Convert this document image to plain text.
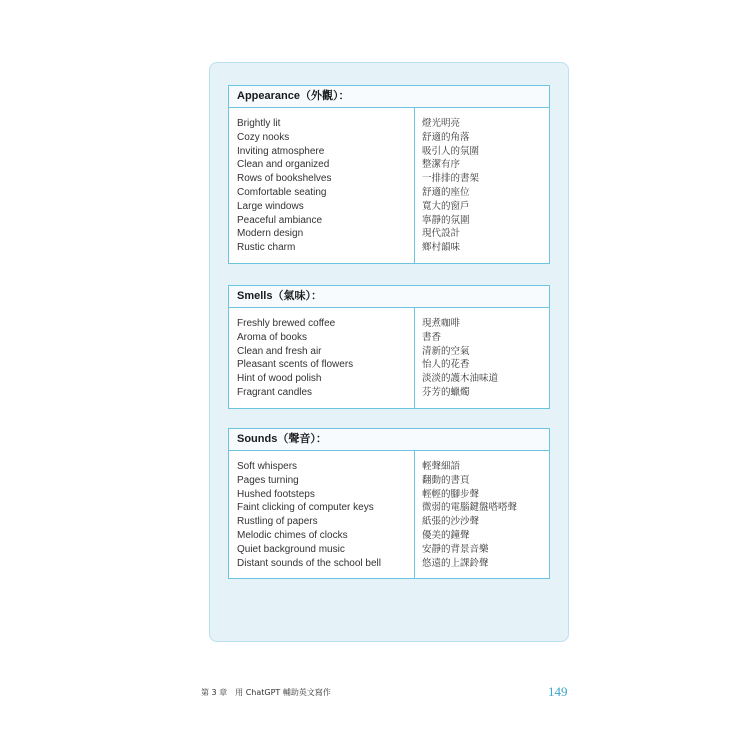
Appearance（外觀）：
Brightly lit
Cozy nooks
Inviting atmosphere
Clean and organized
Rows of bookshelves
Comfortable seating
Large windows
Peaceful ambiance
Modern design
Rustic charm
燈光明亮
舒適的角落
吸引人的氛圍
整潔有序
一排排的書架
舒適的座位
寬大的窗戶
寧靜的氛圍
現代設計
鄉村韻味
Smells（氣味）：
Freshly brewed coffee
Aroma of books
Clean and fresh air
Pleasant scents of flowers
Hint of wood polish
Fragrant candles
現煮咖啡
書香
清新的空氣
怡人的花香
淡淡的護木油味道
芬芳的蠟燭
Sounds（聲音）：
Soft whispers
Pages turning
Hushed footsteps
Faint clicking of computer keys
Rustling of papers
Melodic chimes of clocks
Quiet background music
Distant sounds of the school bell
輕聲細語
翻動的書頁
輕輕的腳步聲
微弱的電腦鍵盤嗒嗒聲
紙張的沙沙聲
優美的鐘聲
安靜的背景音樂
悠遠的上課鈴聲
第 3 章　用 ChatGPT 輔助英文寫作	149
